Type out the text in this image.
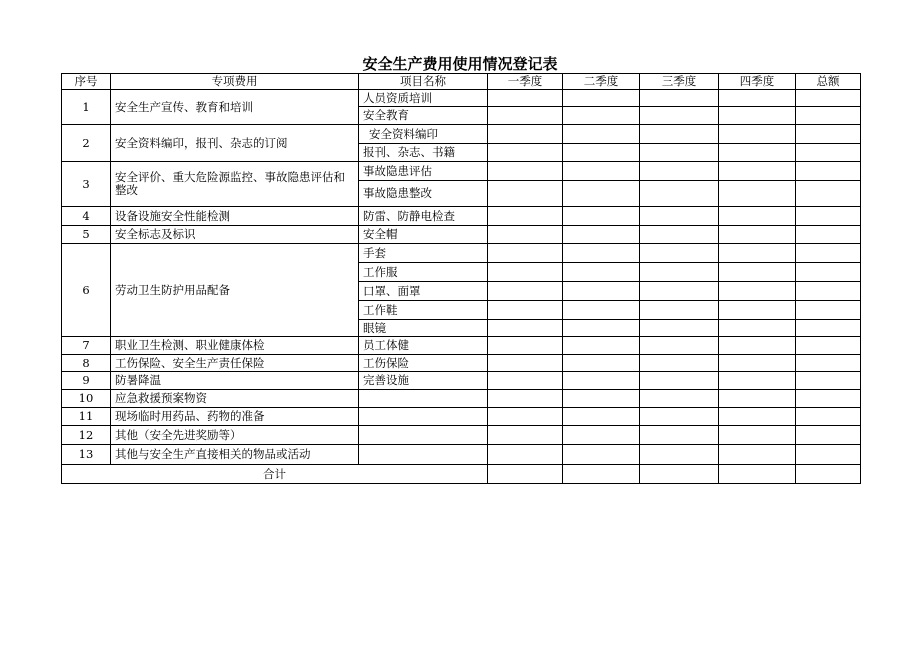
安全生产费用使用情况登记表
序号	专项费用	项目名称	一季度	二季度	三季度	四季度	总额
1	安全生产宣传、教育和培训	人员资质培训					
		安全教育					
2	安全资料编印，报刊、杂志的订阅	安全资料编印					
		报刊、杂志、书籍					
3	安全评价、重大危险源监控、事故隐患评估和整改	事故隐患评估					
		事故隐患整改					
4	设备设施安全性能检测	防雷、防静电检查					
5	安全标志及标识	安全帽					
6	劳动卫生防护用品配备	手套					
		工作服					
		口罩、面罩					
		工作鞋					
		眼镜					
7	职业卫生检测、职业健康体检	员工体健					
8	工伤保险、安全生产责任保险	工伤保险					
9	防暑降温	完善设施					
10	应急救援预案物资						
11	现场临时用药品、药物的准备						
12	其他（安全先进奖励等）						
13	其他与安全生产直接相关的物品或活动						
合计							
